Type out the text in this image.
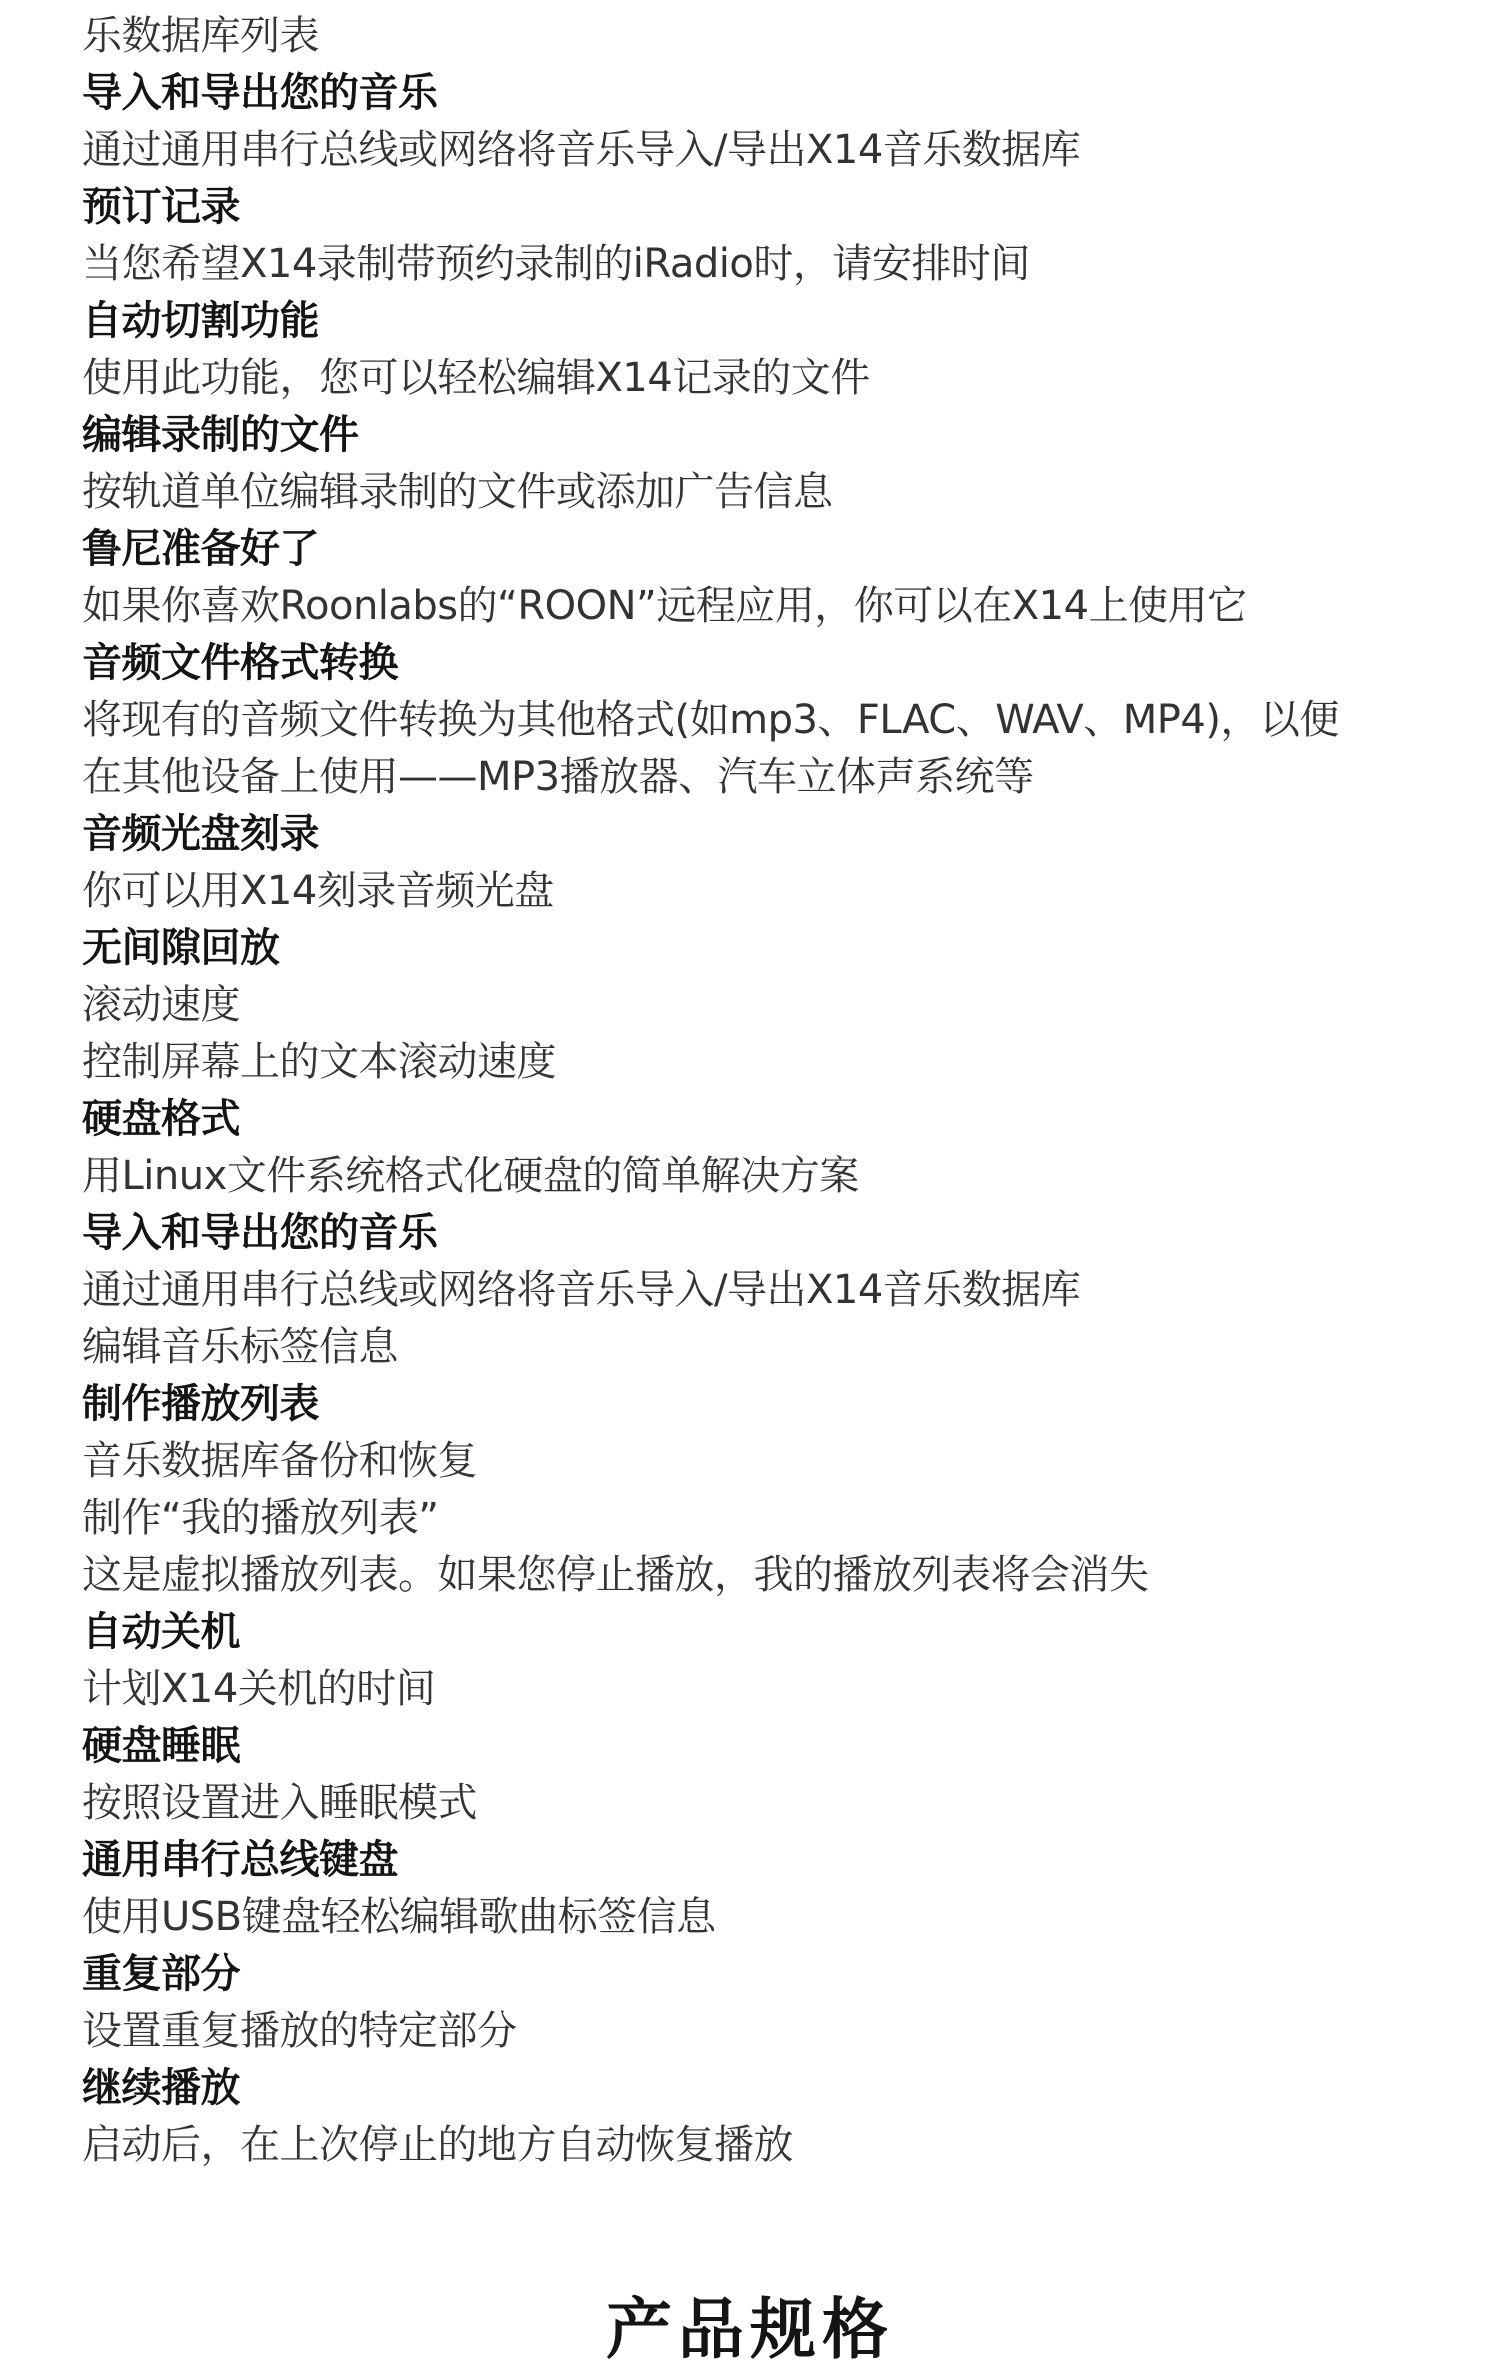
乐数据库列表
导入和导出您的音乐
通过通用串行总线或网络将音乐导入/导出X14音乐数据库
预订记录
当您希望X14录制带预约录制的iRadio时，请安排时间
自动切割功能
使用此功能，您可以轻松编辑X14记录的文件
编辑录制的文件
按轨道单位编辑录制的文件或添加广告信息
鲁尼准备好了
如果你喜欢Roonlabs的“ROON”远程应用，你可以在X14上使用它
音频文件格式转换
将现有的音频文件转换为其他格式(如mp3、FLAC、WAV、MP4)，以便
在其他设备上使用——MP3播放器、汽车立体声系统等
音频光盘刻录
你可以用X14刻录音频光盘
无间隙回放
滚动速度
控制屏幕上的文本滚动速度
硬盘格式
用Linux文件系统格式化硬盘的简单解决方案
导入和导出您的音乐
通过通用串行总线或网络将音乐导入/导出X14音乐数据库
编辑音乐标签信息
制作播放列表
音乐数据库备份和恢复
制作“我的播放列表”
这是虚拟播放列表。如果您停止播放，我的播放列表将会消失
自动关机
计划X14关机的时间
硬盘睡眠
按照设置进入睡眠模式
通用串行总线键盘
使用USB键盘轻松编辑歌曲标签信息
重复部分
设置重复播放的特定部分
继续播放
启动后，在上次停止的地方自动恢复播放
产品规格
